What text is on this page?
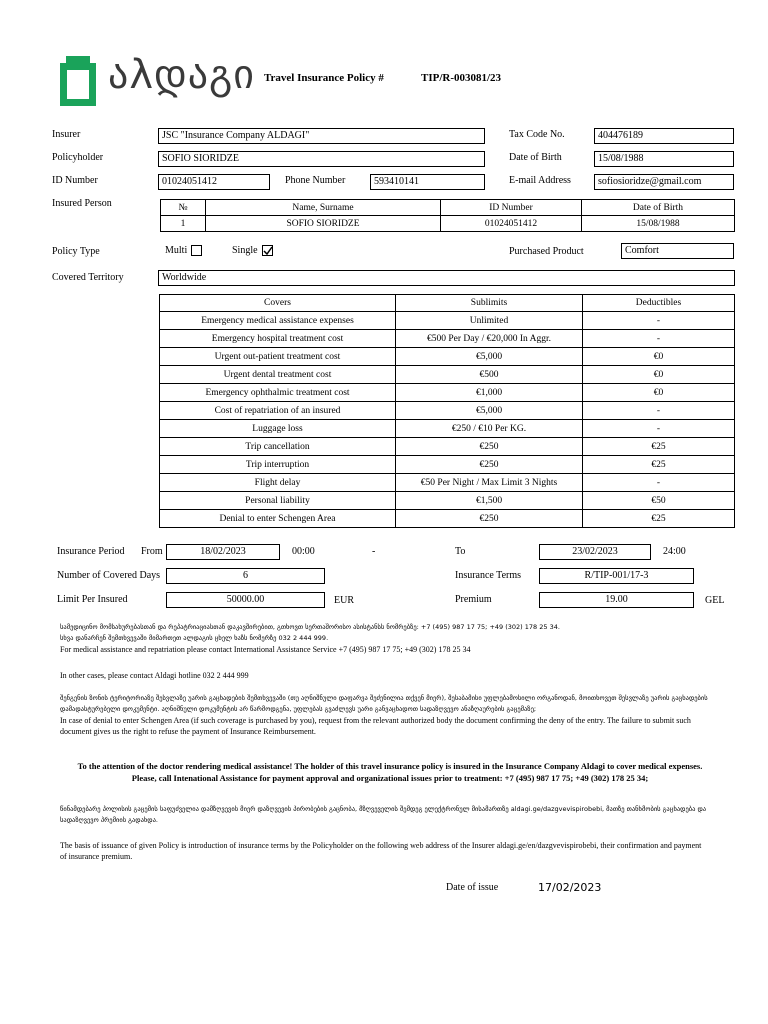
აλდაგი Travel Insurance Policy #	TIP/R-003081/23
Insurer	JSC "Insurance Company ALDAGI"	Tax Code No.	404476189
Policyholder	SOFIO SIORIDZE	Date of Birth	15/08/1988
ID Number	01024051412	Phone Number	593410141	E-mail Address	sofiosioridze@gmail.com
Insured Person	№	Name, Surname	ID Number	Date of Birth
1	SOFIO SIORIDZE	01024051412	15/08/1988
Policy Type	Multi	Single	Purchased Product	Comfort
Covered Territory	Worldwide
Covers	Sublimits	Deductibles
Emergency medical assistance expenses	Unlimited	-
Emergency hospital treatment cost	€500 Per Day / €20,000 In Aggr.	-
Urgent out-patient treatment cost	€5,000	€0
Urgent dental treatment cost	€500	€0
Emergency ophthalmic treatment cost	€1,000	€0
Cost of repatriation of an insured	€5,000	-
Luggage loss	€250 / €10 Per KG.	-
Trip cancellation	€250	€25
Trip interruption	€250	€25
Flight delay	€50 Per Night / Max Limit 3 Nights	-
Personal liability	€1,500	€50
Denial to enter Schengen Area	€250	€25
Insurance Period From	18/02/2023	00:00	-	To	23/02/2023	24:00
Number of Covered Days	6	Insurance Terms	R/TIP-001/17-3
Limit Per Insured	50000.00	EUR	Premium	19.00	GEL
სამედიცინო მომსახურებასთან და რეპატრიაციასთან დაკავშირებით, გთხოვთ სერთაშორისო ასისტანსს ნომრებზე: +7 (495) 987 17 75; +49 (302) 178 25 34.
სხვა დანარჩენ შემთხვევაში მიმართეთ ალდაგის ცხელ ხაზს ნომერზე 032 2 444 999.
For medical assistance and repatriation please contact International Assistance Service +7 (495) 987 17 75; +49 (302) 178 25 34
In other cases, please contact Aldagi hotline 032 2 444 999
შენგენის ზონის ტერიტორიაზე შესვლაზე უარის გაცხადების შემთხვევაში (თუ აღნიშნული დაფარვა შეძენილია თქვენ მიერ), შესაბამისი უფლებამოსილი ორგანოდან, მოითხოვეთ შესვლაზე უარის გაცხადების დამადასტურებელი დოკუმენტი. აღნიშნული დოკუმენტის არ წარმოდგენა, უფლებას გვაძლევს უარი განვაცხადოთ სადაზღვევო ანაზღაურების გაცემაზე;
In case of denial to enter Schengen Area (if such coverage is purchased by you), request from the relevant authorized body the document confirming the deny of the entry. The failure to submit such document gives us the right to refuse the payment of Insurance Reimbursement.
To the attention of the doctor rendering medical assistance! The holder of this travel insurance policy is insured in the Insurance Company Aldagi to cover medical expenses.
Please, call Intenational Assistance for payment approval and organizational issues prior to treatment: +7 (495) 987 17 75; +49 (302) 178 25 34;
წინამდებარე პოლისის გაცემის საფუძველია დამზღვევის მიერ დაზღვევის პირობების გაცნობა, მზღვეველის შემდეგ ელექტრონულ მისამართზე aldagi.ge/dazgvevispirobebi, მათზე თანხმობის გაცხადება და სადაზღვევო პრემიის გადახდა.
The basis of issuance of given Policy is introduction of insurance terms by the Policyholder on the following web address of the Insurer aldagi.ge/en/dazgvevispirobebi, their confirmation and payment of insurance premium.
Date of issue	17/02/2023
